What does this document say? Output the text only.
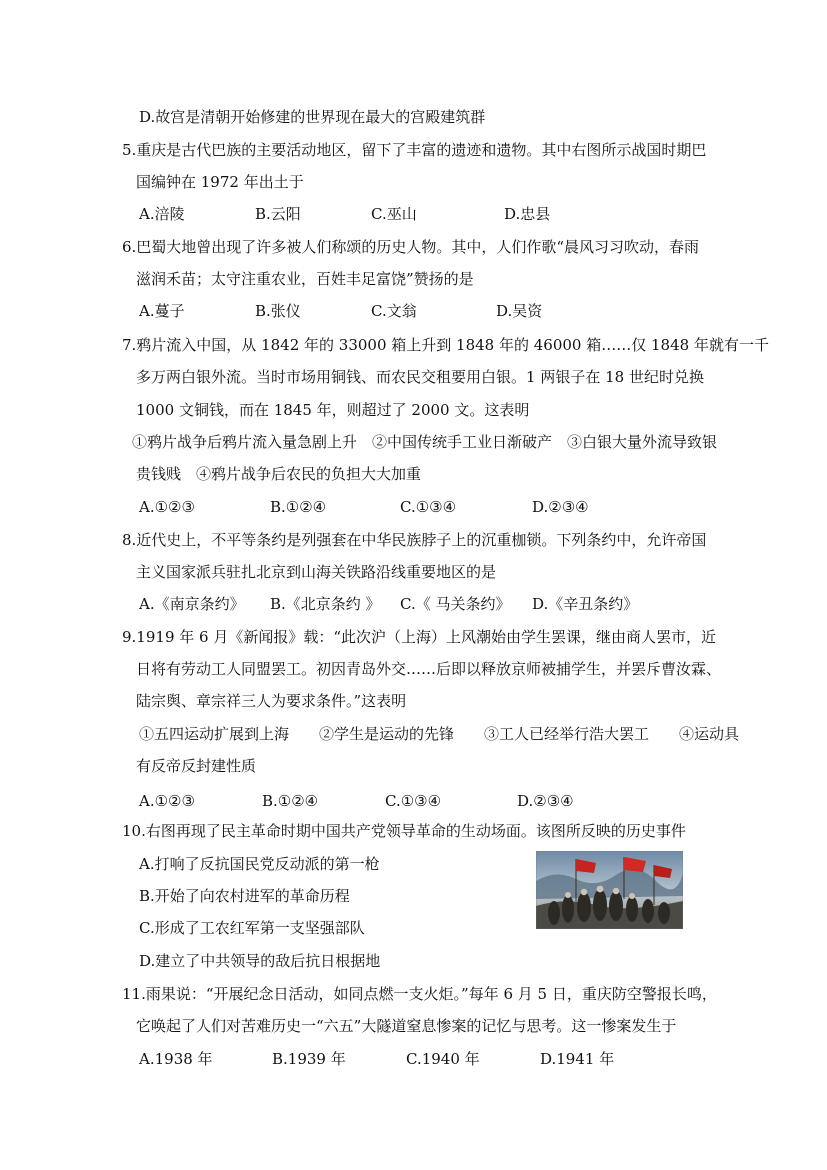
D.故宫是清朝开始修建的世界现在最大的宫殿建筑群
5.重庆是古代巴族的主要活动地区，留下了丰富的遗迹和遗物。其中右图所示战国时期巴
国编钟在 1972 年出土于
A.涪陵	B.云阳	C.巫山	D.忠县
6.巴蜀大地曾出现了许多被人们称颂的历史人物。其中，人们作歌“晨风习习吹动，春雨
滋润禾苗；太守注重农业，百姓丰足富饶”赞扬的是
A.蔓子	B.张仪	C.文翁	D.吴资
7.鸦片流入中国，从 1842 年的 33000 箱上升到 1848 年的 46000 箱……仅 1848 年就有一千
多万两白银外流。当时市场用铜钱、而农民交租要用白银。1 两银子在 18 世纪时兑换
1000 文铜钱，而在 1845 年，则超过了 2000 文。这表明
①鸦片战争后鸦片流入量急剧上升　②中国传统手工业日渐破产　③白银大量外流导致银
贵钱贱　④鸦片战争后农民的负担大大加重
A.①②③	B.①②④	C.①③④	D.②③④
8.近代史上，不平等条约是列强套在中华民族脖子上的沉重枷锁。下列条约中，允许帝国
主义国家派兵驻扎北京到山海关铁路沿线重要地区的是
A.《南京条约》 B.《北京条约 》 C.《 马关条约》 D.《辛丑条约》
9.1919 年 6 月《新闻报》载：“此次沪（上海）上风潮始由学生罢课，继由商人罢市，近
日将有劳动工人同盟罢工。初因青岛外交……后即以释放京师被捕学生，并罢斥曹汝霖、
陆宗舆、章宗祥三人为要求条件。”这表明
①五四运动扩展到上海　　②学生是运动的先锋　　③工人已经举行浩大罢工　　④运动具
有反帝反封建性质
A.①②③	B.①②④	C.①③④	D.②③④
10.右图再现了民主革命时期中国共产党领导革命的生动场面。该图所反映的历史事件
A.打响了反抗国民党反动派的第一枪
B.开始了向农村进军的革命历程
C.形成了工农红军第一支坚强部队
D.建立了中共领导的敌后抗日根据地
11.雨果说：“开展纪念日活动，如同点燃一支火炬。”每年 6 月 5 日，重庆防空警报长鸣，
它唤起了人们对苦难历史一“六五”大隧道窒息惨案的记忆与思考。这一惨案发生于
A.1938 年	B.1939 年	C.1940 年	D.1941 年
